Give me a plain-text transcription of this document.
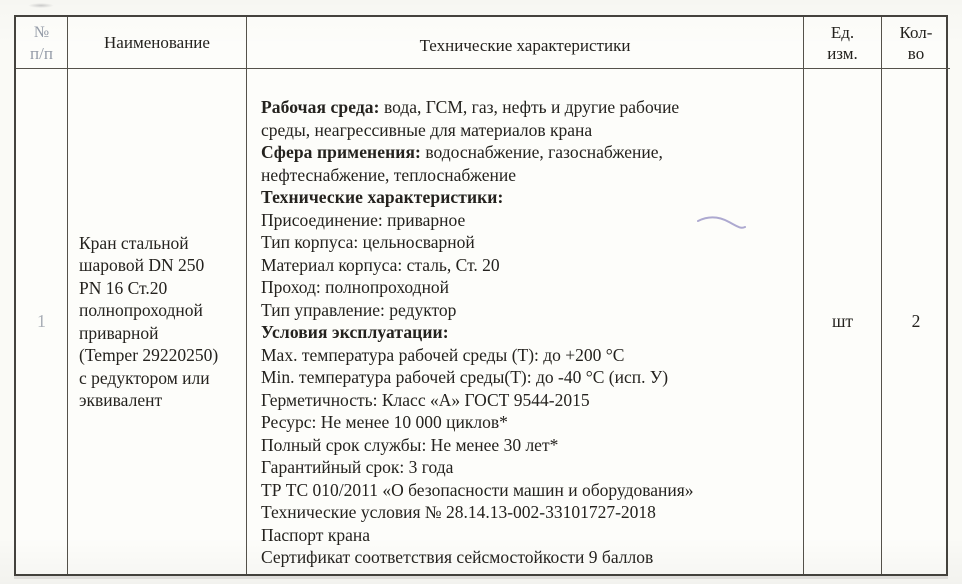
№
п/п
Наименование	Технические характеристики
Ед.
изм.
Кол-
во
1
Кран стальной
шаровой DN 250
PN 16 Ст.20
полнопроходной
приварной
(Temper 29220250)
с редуктором или
эквивалент
Рабочая среда: вода, ГСМ, газ, нефть и другие рабочие
среды, неагрессивные для материалов крана
Сфера применения: водоснабжение, газоснабжение,
нефтеснабжение, теплоснабжение
Технические характеристики:
Присоединение: приварное
Тип корпуса: цельносварной
Материал корпуса: сталь, Ст. 20
Проход: полнопроходной
Тип управление: редуктор
Условия эксплуатации:
Max. температура рабочей среды (Т): до +200 °С
Min. температура рабочей среды(Т): до -40 °С (исп. У)
Герметичность: Класс «А» ГОСТ 9544-2015
Ресурс: Не менее 10 000 циклов*
Полный срок службы: Не менее 30 лет*
Гарантийный срок: 3 года
ТР ТС 010/2011 «О безопасности машин и оборудования»
Технические условия № 28.14.13-002-33101727-2018
Паспорт крана
Сертификат соответствия сейсмостойкости 9 баллов
шт	2
